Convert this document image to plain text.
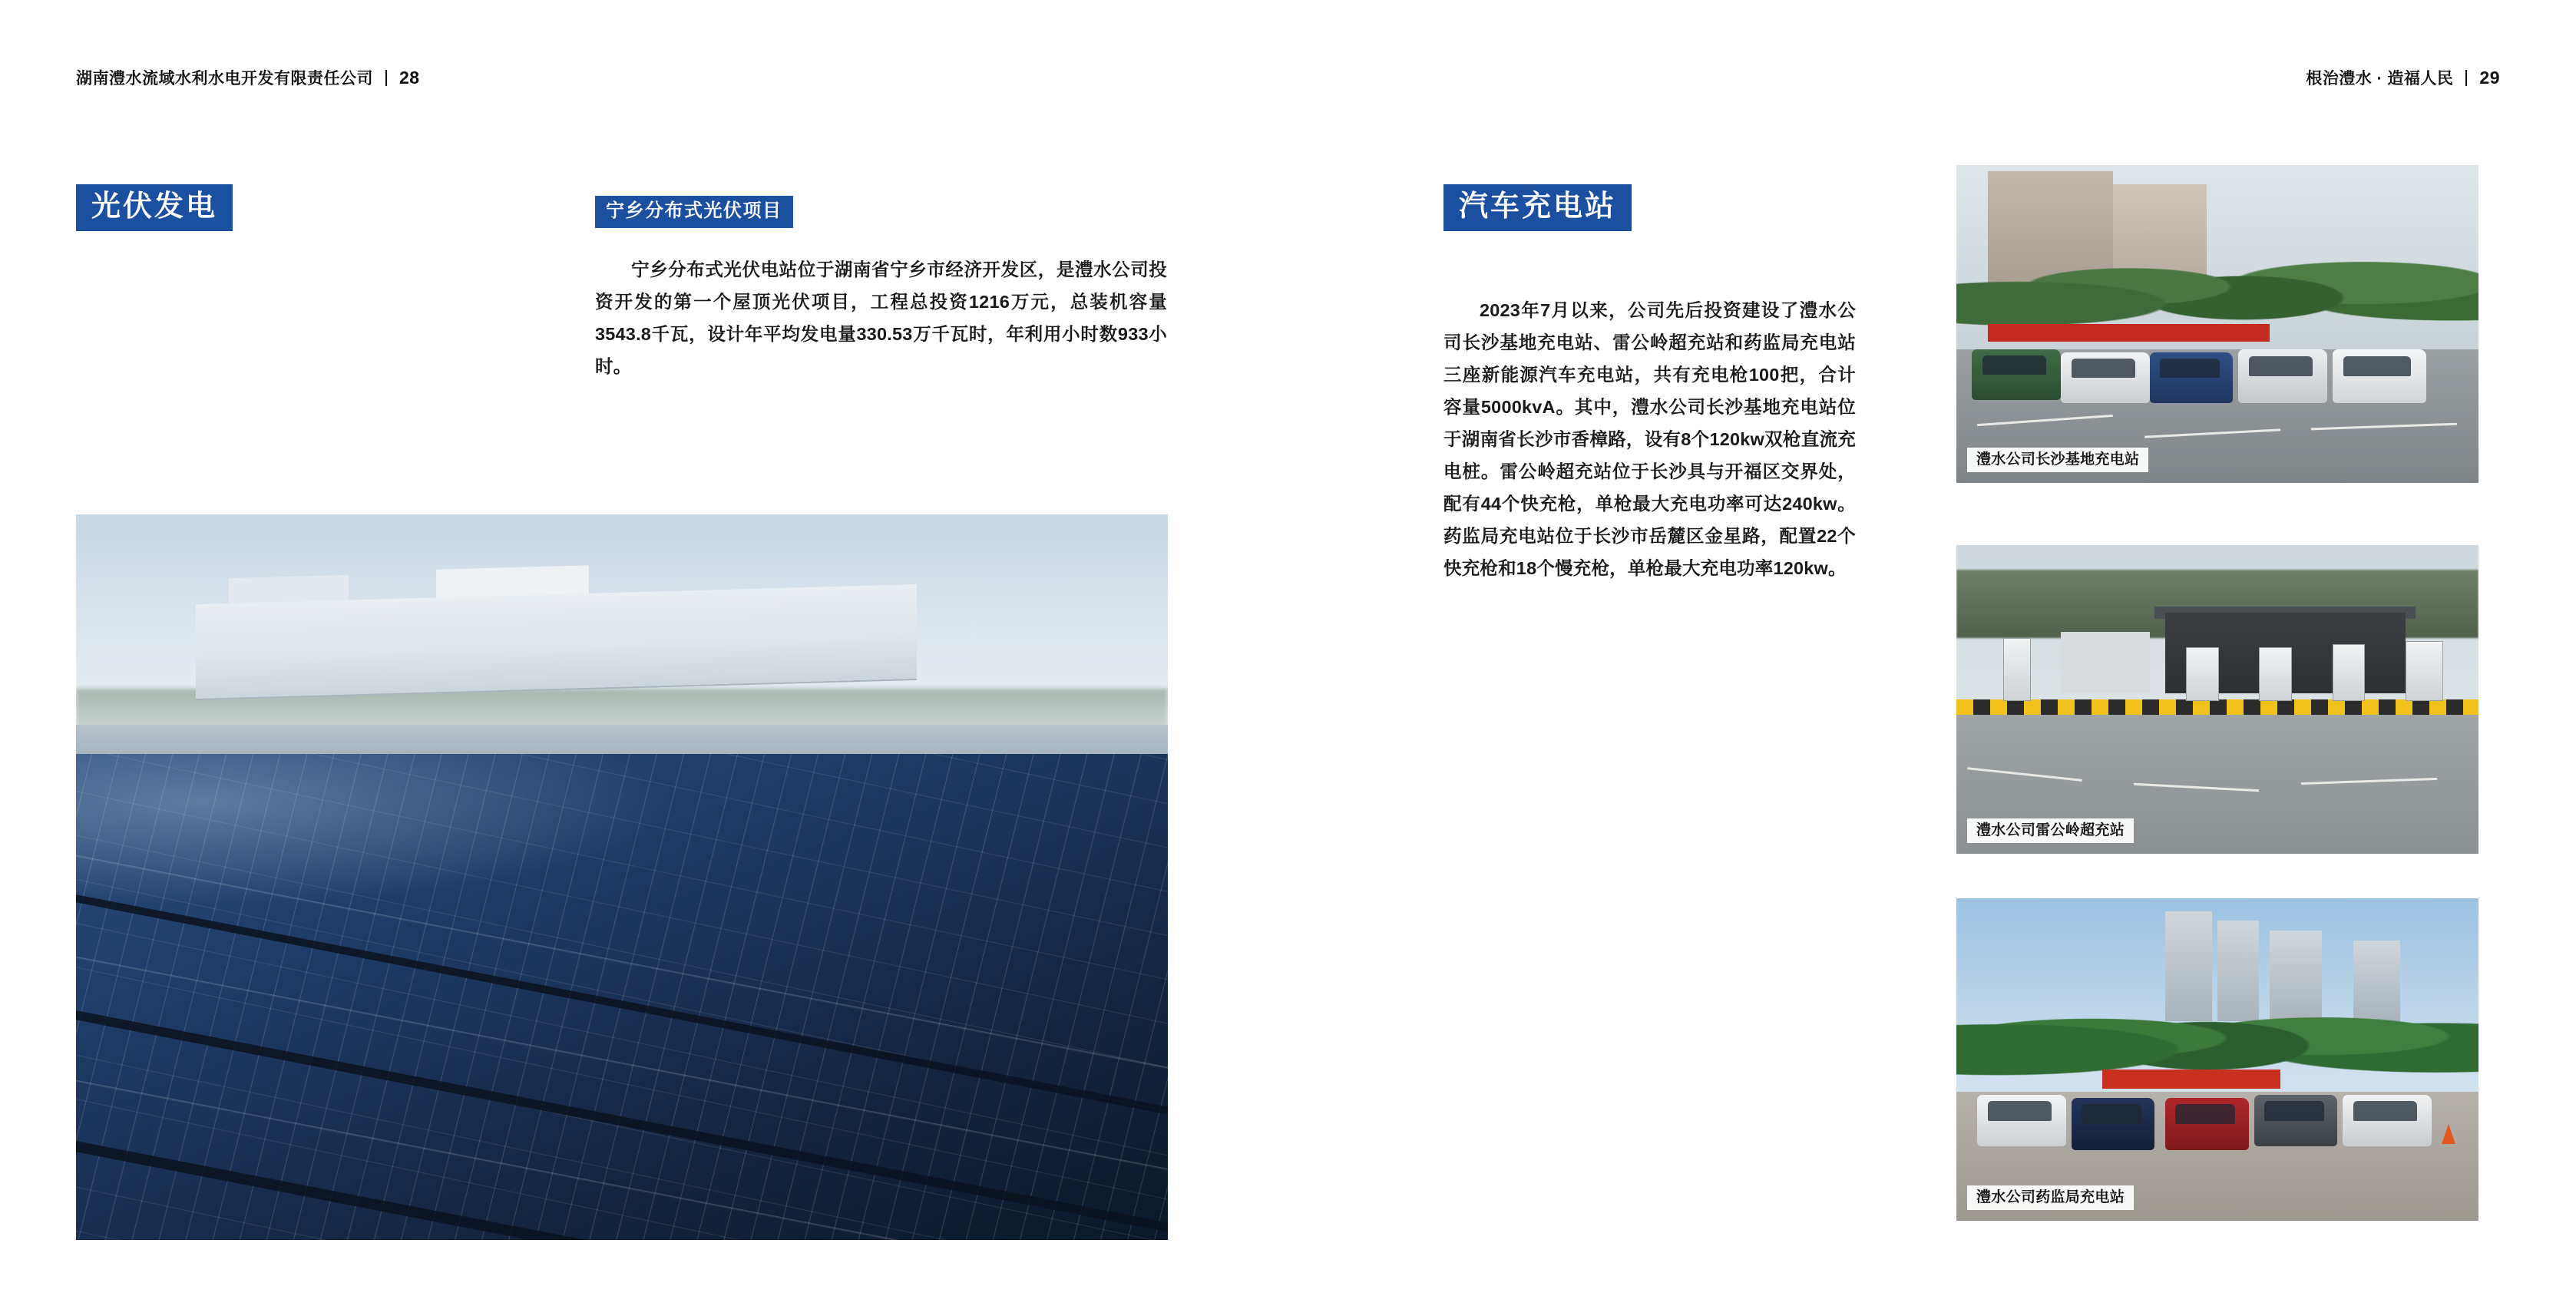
湖南澧水流域水利水电开发有限责任公司 28
光伏发电	宁乡分布式光伏项目

宁乡分布式光伏电站位于湖南省宁乡市经济开发区，是澧水公司投资开发的第一个屋顶光伏项目，工程总投资1216万元，总装机容量3543.8千瓦，设计年平均发电量330.53万千瓦时，年利用小时数933小时。

根治澧水 · 造福人民 29
汽车充电站

2023年7月以来，公司先后投资建设了澧水公司长沙基地充电站、雷公岭超充站和药监局充电站三座新能源汽车充电站，共有充电枪100把，合计容量5000kvA。其中，澧水公司长沙基地充电站位于湖南省长沙市香樟路，设有8个120kw双枪直流充电桩。雷公岭超充站位于长沙具与开福区交界处，配有44个快充枪，单枪最大充电功率可达240kw。药监局充电站位于长沙市岳麓区金星路，配置22个快充枪和18个慢充枪，单枪最大充电功率120kw。

澧水公司长沙基地充电站
澧水公司雷公岭超充站
澧水公司药监局充电站
